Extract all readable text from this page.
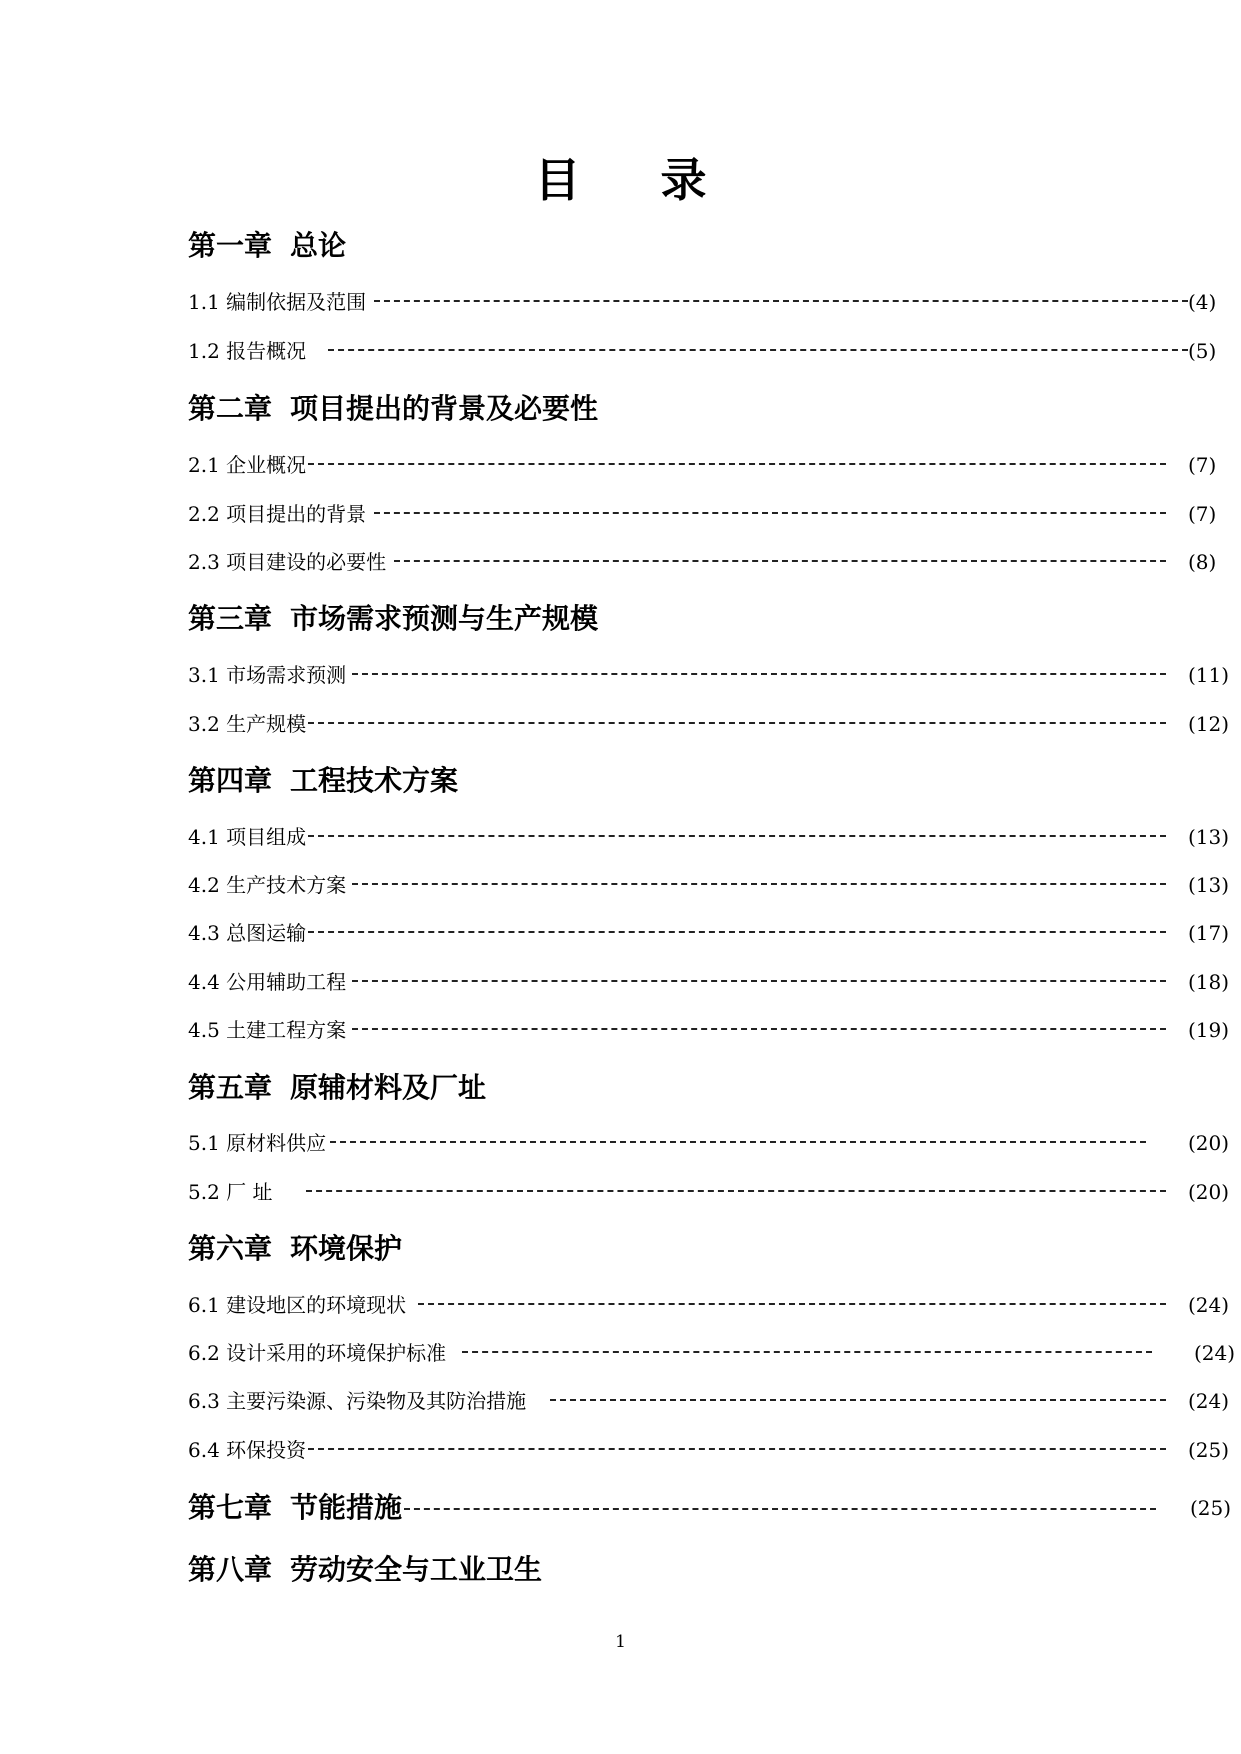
目 录
第一章 总论
1.1 编制依据及范围	(4)
1.2 报告概况	(5)
第二章 项目提出的背景及必要性
2.1 企业概况	(7)
2.2 项目提出的背景	(7)
2.3 项目建设的必要性	(8)
第三章 市场需求预测与生产规模
3.1 市场需求预测	(11)
3.2 生产规模	(12)
第四章 工程技术方案
4.1 项目组成	(13)
4.2 生产技术方案	(13)
4.3 总图运输	(17)
4.4 公用辅助工程	(18)
4.5 土建工程方案	(19)
第五章 原辅材料及厂址
5.1 原材料供应	(20)
5.2 厂 址	(20)
第六章 环境保护
6.1 建设地区的环境现状	(24)
6.2 设计采用的环境保护标准	(24)
6.3 主要污染源、污染物及其防治措施	(24)
6.4 环保投资	(25)
第七章 节能措施	(25)
第八章 劳动安全与工业卫生
1
